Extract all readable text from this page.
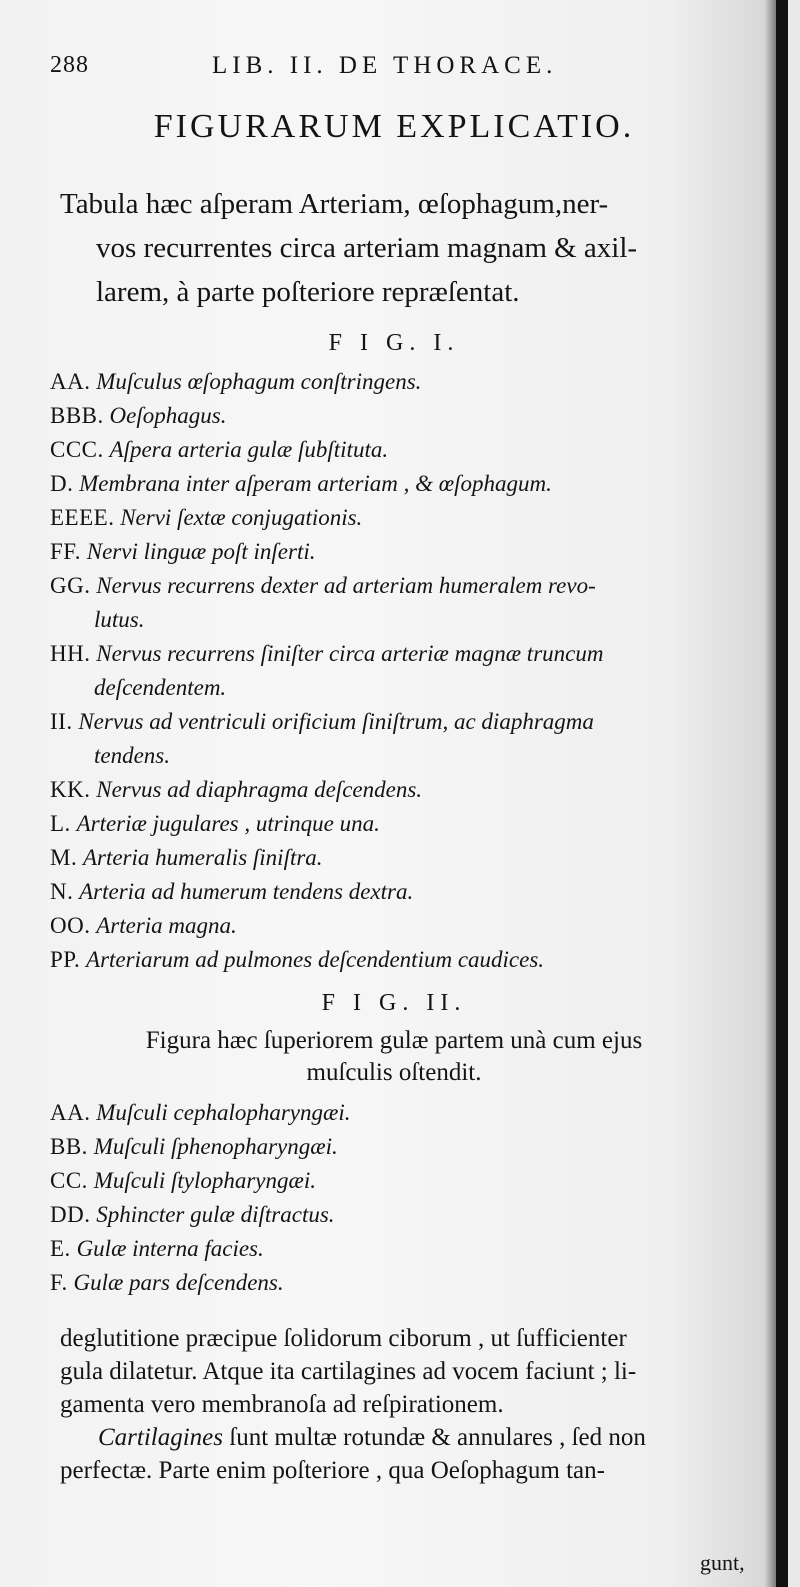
288	LIB. II. DE THORACE.
FIGURARUM EXPLICATIO.
Tabula hæc aſperam Arteriam, œſophagum,ner-
vos recurrentes circa arteriam magnam & axil-
larem, à parte poſteriore repræſentat.
F I G. I.
AA. Muſculus œſophagum conſtringens.
BBB. Oeſophagus.
CCC. Aſpera arteria gulæ ſubſtituta.
D. Membrana inter aſperam arteriam , & œſophagum.
EEEE. Nervi ſextæ conjugationis.
FF. Nervi linguæ poſt inſerti.
GG. Nervus recurrens dexter ad arteriam humeralem revo-
lutus.
HH. Nervus recurrens ſiniſter circa arteriæ magnæ truncum
deſcendentem.
II. Nervus ad ventriculi orificium ſiniſtrum, ac diaphragma
tendens.
KK. Nervus ad diaphragma deſcendens.
L. Arteriæ jugulares , utrinque una.
M. Arteria humeralis ſiniſtra.
N. Arteria ad humerum tendens dextra.
OO. Arteria magna.
PP. Arteriarum ad pulmones deſcendentium caudices.
F I G. II.
Figura hæc ſuperiorem gulæ partem unà cum ejus
muſculis oſtendit.
AA. Muſculi cephalopharyngæi.
BB. Muſculi ſphenopharyngæi.
CC. Muſculi ſtylopharyngæi.
DD. Sphincter gulæ diſtractus.
E. Gulæ interna facies.
F. Gulæ pars deſcendens.
deglutitione præcipue ſolidorum ciborum , ut ſufficienter
gula dilatetur. Atque ita cartilagines ad vocem faciunt ; li-
gamenta vero membranoſa ad reſpirationem.
Cartilagines ſunt multæ rotundæ & annulares , ſed non
perfectæ. Parte enim poſteriore , qua Oeſophagum tan-
gunt,
